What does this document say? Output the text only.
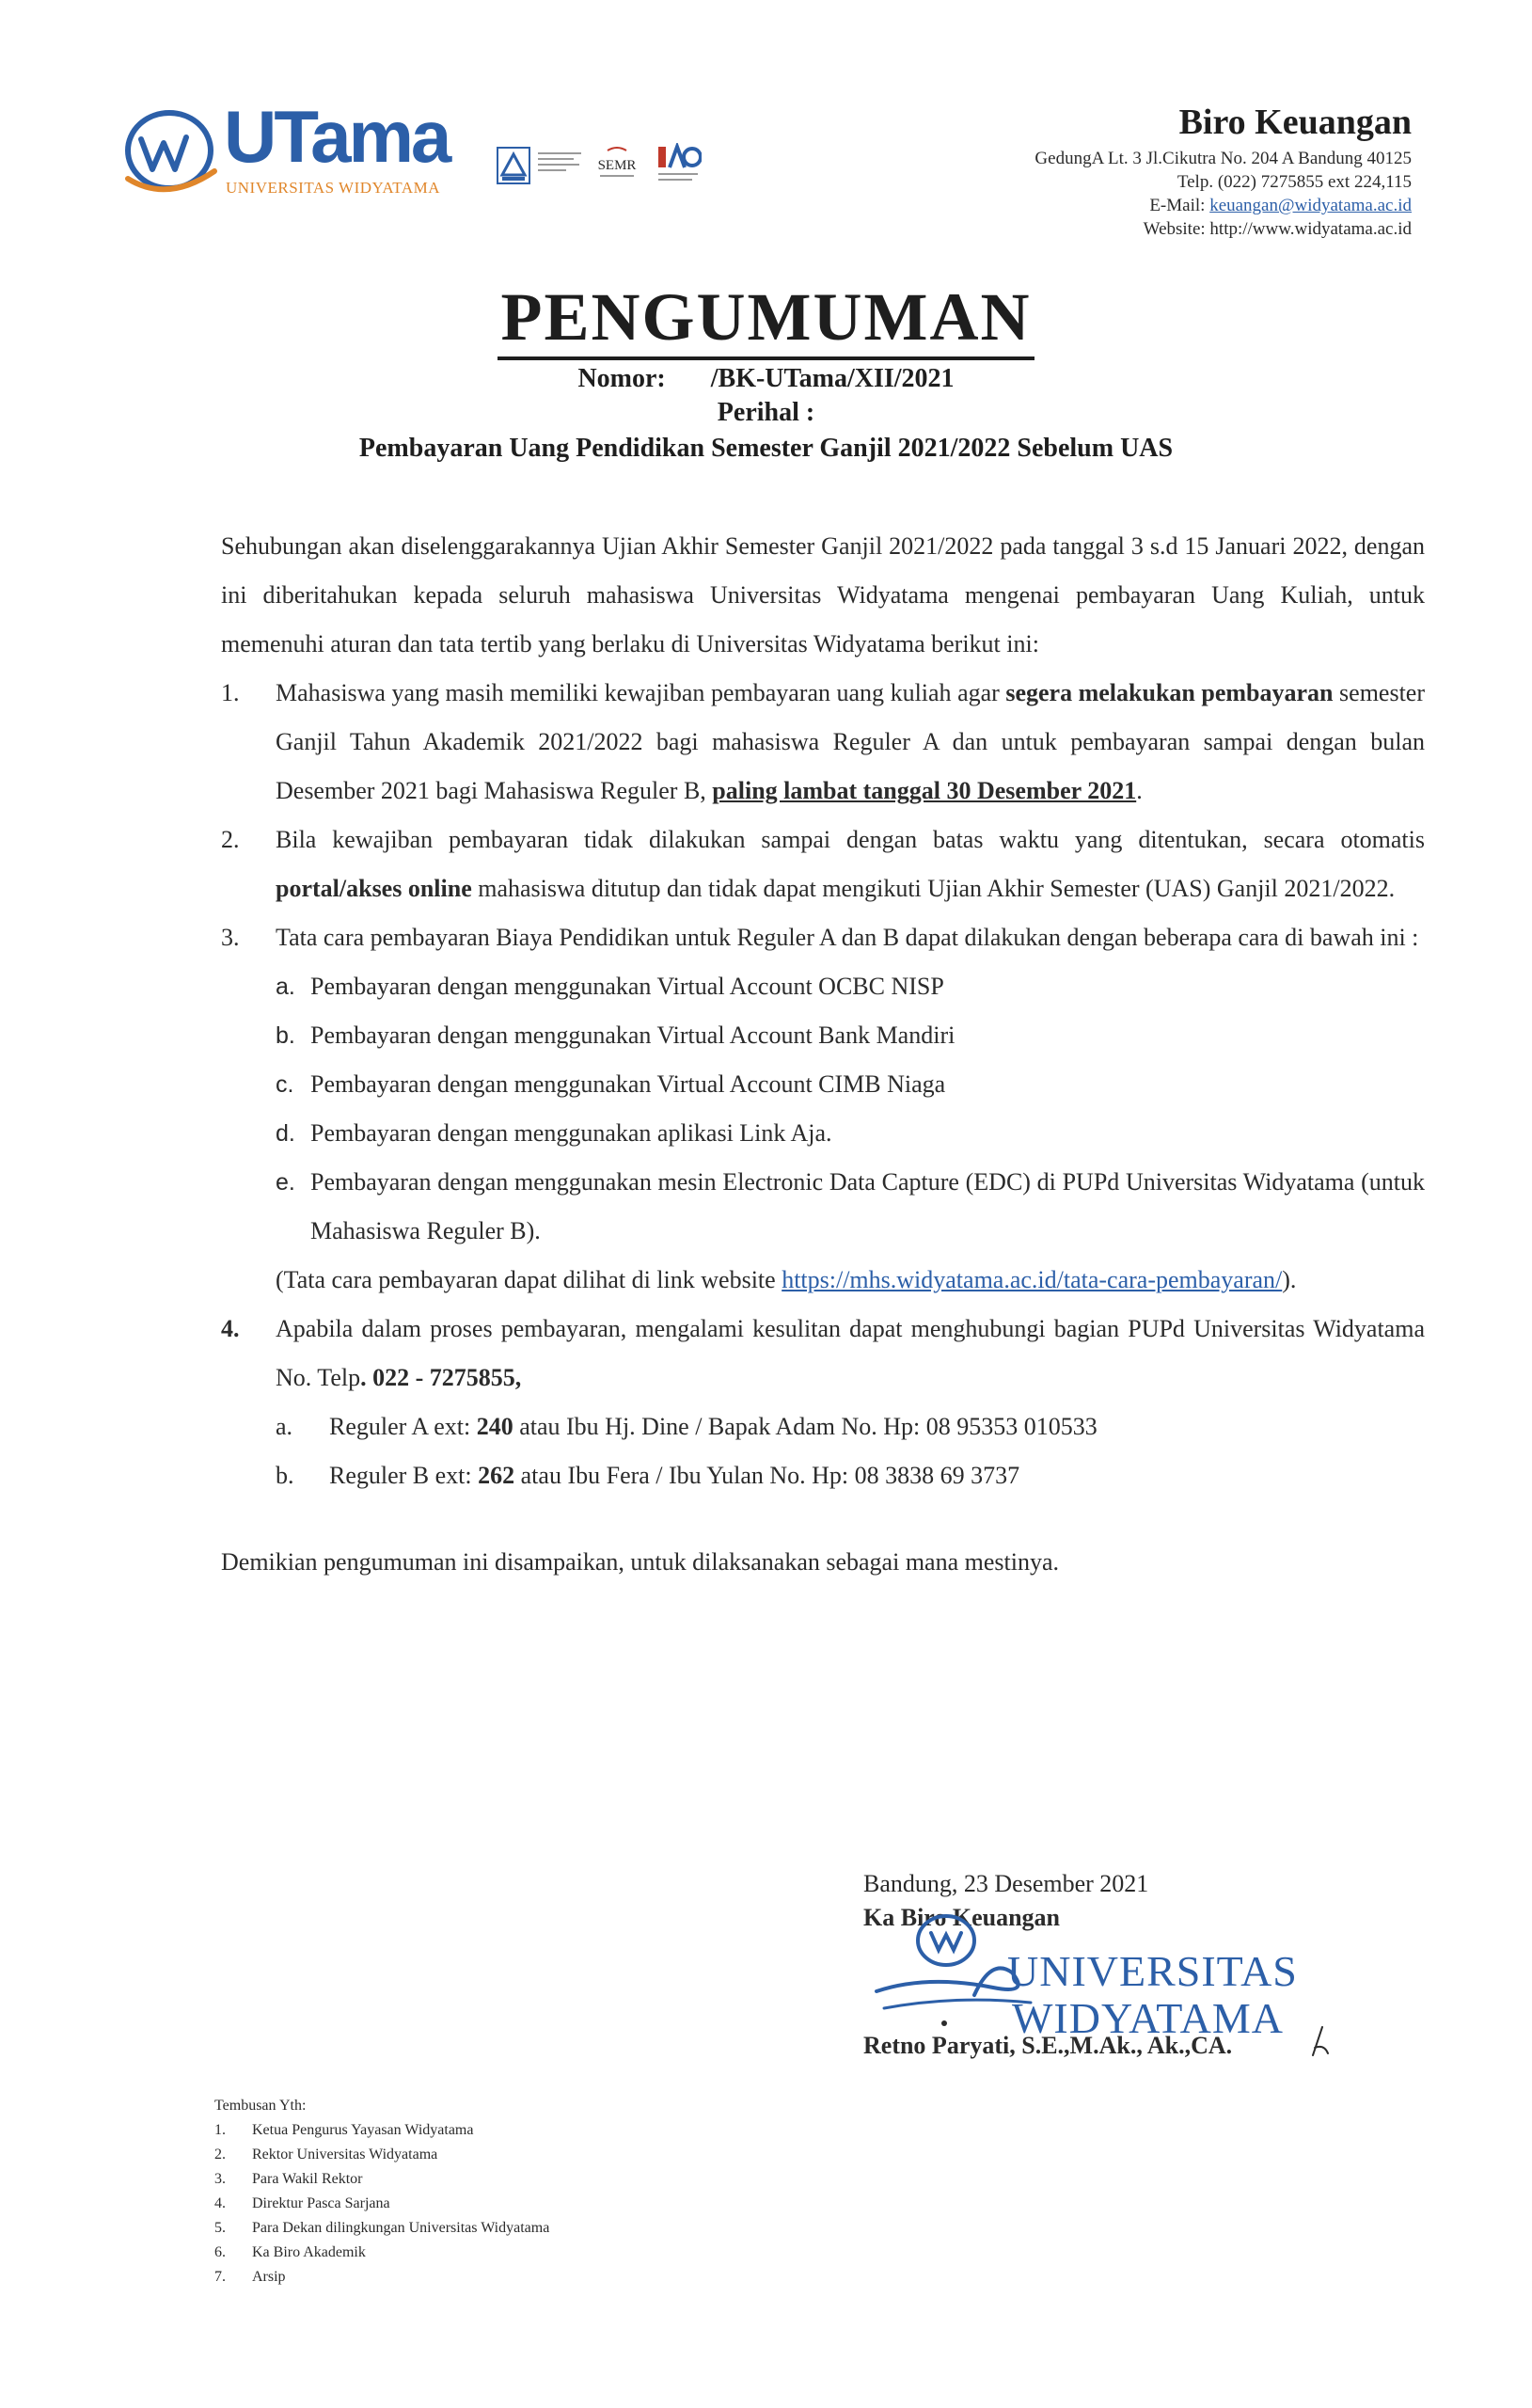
UTama
UNIVERSITAS WIDYATAMA
SEMR
Biro Keuangan
GedungA Lt. 3 Jl.Cikutra No. 204 A Bandung 40125
Telp. (022) 7275855 ext 224,115
E-Mail: keuangan@widyatama.ac.id
Website: http://www.widyatama.ac.id
PENGUMUMAN
Nomor: /BK-UTama/XII/2021
Perihal :
Pembayaran Uang Pendidikan Semester Ganjil 2021/2022 Sebelum UAS

Sehubungan akan diselenggarakannya Ujian Akhir Semester Ganjil 2021/2022 pada tanggal 3 s.d 15 Januari 2022, dengan ini diberitahukan kepada seluruh mahasiswa Universitas Widyatama mengenai pembayaran Uang Kuliah, untuk memenuhi aturan dan tata tertib yang berlaku di Universitas Widyatama berikut ini:

1. Mahasiswa yang masih memiliki kewajiban pembayaran uang kuliah agar segera melakukan pembayaran semester Ganjil Tahun Akademik 2021/2022 bagi mahasiswa Reguler A dan untuk pembayaran sampai dengan bulan Desember 2021 bagi Mahasiswa Reguler B, paling lambat tanggal 30 Desember 2021.
2. Bila kewajiban pembayaran tidak dilakukan sampai dengan batas waktu yang ditentukan, secara otomatis portal/akses online mahasiswa ditutup dan tidak dapat mengikuti Ujian Akhir Semester (UAS) Ganjil 2021/2022.
3. Tata cara pembayaran Biaya Pendidikan untuk Reguler A dan B dapat dilakukan dengan beberapa cara di bawah ini :
a. Pembayaran dengan menggunakan Virtual Account OCBC NISP
b. Pembayaran dengan menggunakan Virtual Account Bank Mandiri
c. Pembayaran dengan menggunakan Virtual Account CIMB Niaga
d. Pembayaran dengan menggunakan aplikasi Link Aja.
e. Pembayaran dengan menggunakan mesin Electronic Data Capture (EDC) di PUPd Universitas Widyatama (untuk Mahasiswa Reguler B).
(Tata cara pembayaran dapat dilihat di link website https://mhs.widyatama.ac.id/tata-cara-pembayaran/).
4. Apabila dalam proses pembayaran, mengalami kesulitan dapat menghubungi bagian PUPd Universitas Widyatama No. Telp. 022 - 7275855,
a. Reguler A ext: 240 atau Ibu Hj. Dine / Bapak Adam No. Hp: 08 95353 010533
b. Reguler B ext: 262 atau Ibu Fera / Ibu Yulan No. Hp: 08 3838 69 3737

Demikian pengumuman ini disampaikan, untuk dilaksanakan sebagai mana mestinya.

Bandung, 23 Desember 2021
Ka Biro Keuangan
UNIVERSITAS
WIDYATAMA
Retno Paryati, S.E.,M.Ak., Ak.,CA.
Tembusan Yth:
1. Ketua Pengurus Yayasan Widyatama
2. Rektor Universitas Widyatama
3. Para Wakil Rektor
4. Direktur Pasca Sarjana
5. Para Dekan dilingkungan Universitas Widyatama
6. Ka Biro Akademik
7. Arsip
